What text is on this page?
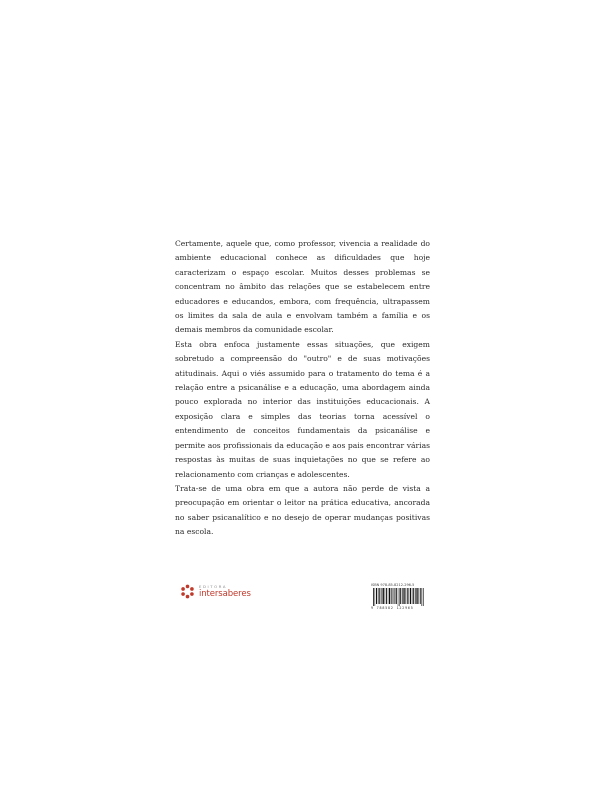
Certamente, aquele que, como professor, vivencia a realidade do ambiente educacional conhece as dificuldades que hoje caracterizam o espaço escolar. Muitos desses problemas se concentram no âmbito das relações que se estabelecem entre educadores e educandos, embora, com frequência, ultrapassem os limites da sala de aula e envolvam também a família e os demais membros da comunidade escolar.

Esta obra enfoca justamente essas situações, que exigem sobretudo a compreensão do "outro" e de suas motivações atitudinais. Aqui o viés assumido para o tratamento do tema é a relação entre a psicanálise e a educação, uma abordagem ainda pouco explorada no interior das instituições educacionais. A exposição clara e simples das teorias torna acessível o entendimento de conceitos fundamentais da psicanálise e permite aos profissionais da educação e aos pais encontrar várias respostas às muitas de suas inquietações no que se refere ao relacionamento com crianças e adolescentes.

Trata-se de uma obra em que a autora não perde de vista a preocupação em orientar o leitor na prática educativa, ancorada no saber psicanalítico e no desejo de operar mudanças positivas na escola.

EDITORA
intersaberes
ISBN 978-85-8212-296-5
9 788582 122965
